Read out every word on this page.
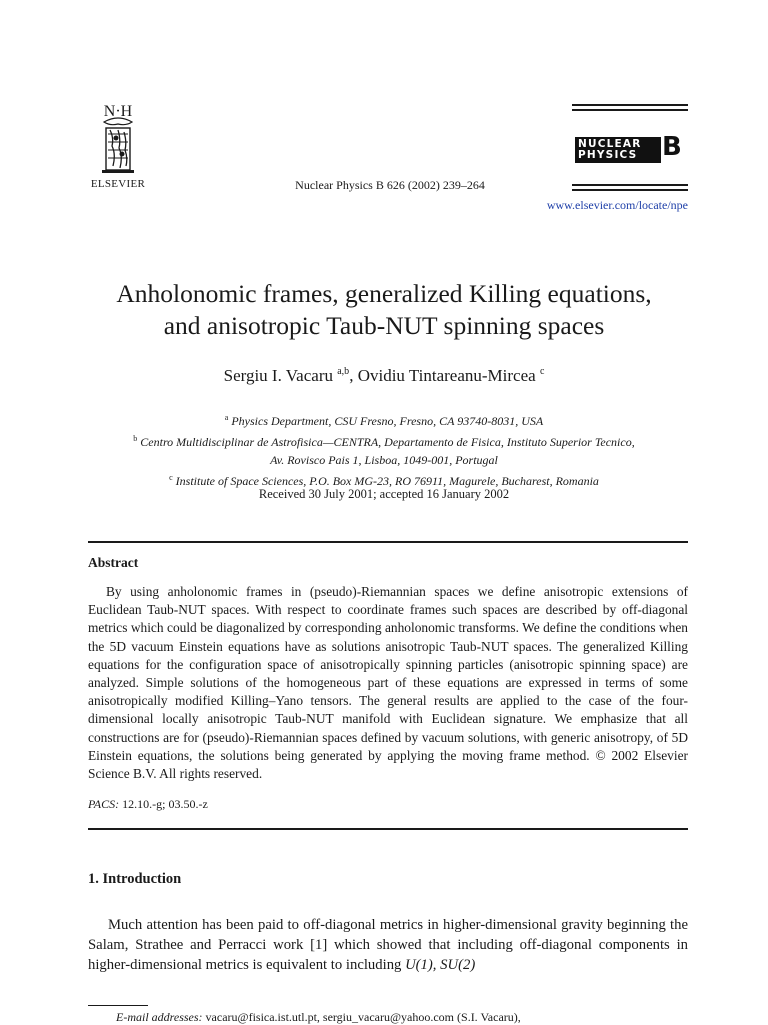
N·H
ELSEVIER	Nuclear Physics B 626 (2002) 239–264
NUCLEAR
PHYSICS B
www.elsevier.com/locate/npe
Anholonomic frames, generalized Killing equations,
and anisotropic Taub-NUT spinning spaces
Sergiu I. Vacaru $^{a,b}$, Ovidiu Tintareanu-Mircea $^c$
$^a$ Physics Department, CSU Fresno, Fresno, CA 93740-8031, USA
$^b$ Centro Multidisciplinar de Astrofisica—CENTRA, Departamento de Fisica, Instituto Superior Tecnico,
Av. Rovisco Pais 1, Lisboa, 1049-001, Portugal
$^c$ Institute of Space Sciences, P.O. Box MG-23, RO 76911, Magurele, Bucharest, Romania
Received 30 July 2001; accepted 16 January 2002
Abstract
By using anholonomic frames in (pseudo)-Riemannian spaces we define anisotropic extensions of Euclidean Taub-NUT spaces. With respect to coordinate frames such spaces are described by off-diagonal metrics which could be diagonalized by corresponding anholonomic transforms. We define the conditions when the 5D vacuum Einstein equations have as solutions anisotropic Taub-NUT spaces. The generalized Killing equations for the configuration space of anisotropically spinning particles (anisotropic spinning space) are analyzed. Simple solutions of the homogeneous part of these equations are expressed in terms of some anisotropically modified Killing–Yano tensors. The general results are applied to the case of the four-dimensional locally anisotropic Taub-NUT manifold with Euclidean signature. We emphasize that all constructions are for (pseudo)-Riemannian spaces defined by vacuum solutions, with generic anisotropy, of 5D Einstein equations, the solutions being generated by applying the moving frame method. © 2002 Elsevier Science B.V. All rights reserved.
PACS: 12.10.-g; 03.50.-z
1. Introduction
Much attention has been paid to off-diagonal metrics in higher-dimensional gravity beginning the Salam, Strathee and Perracci work [1] which showed that including off-diagonal components in higher-dimensional metrics is equivalent to including U(1), SU(2)
E-mail addresses: vacaru@fisica.ist.utl.pt, sergiu_vacaru@yahoo.com (S.I. Vacaru),
